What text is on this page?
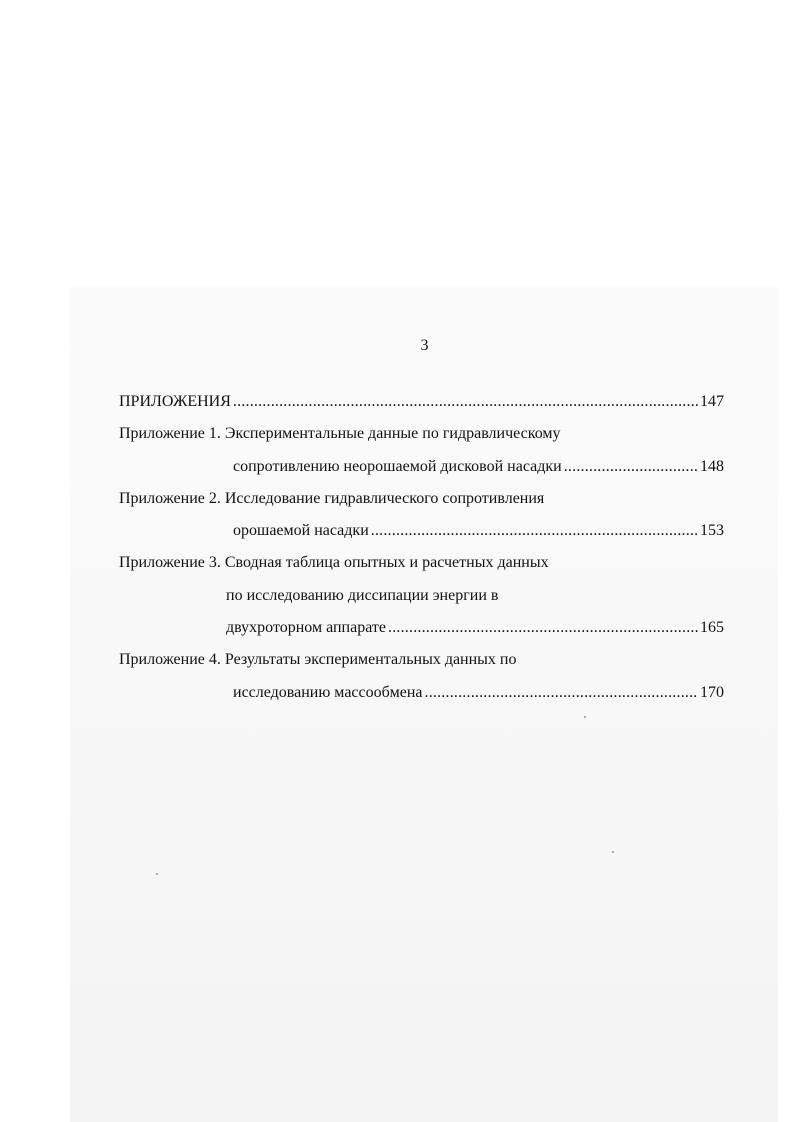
3
ПРИЛОЖЕНИЯ .....	147
Приложение 1. Экспериментальные данные по гидравлическому
сопротивлению неорошаемой дисковой насадки .....	148
Приложение 2. Исследование гидравлического сопротивления
орошаемой насадки .....	153
Приложение 3. Сводная таблица опытных и расчетных данных
по исследованию диссипации энергии в
двухроторном аппарате .....	165
Приложение 4. Результаты экспериментальных данных по
исследованию массообмена .....	170
